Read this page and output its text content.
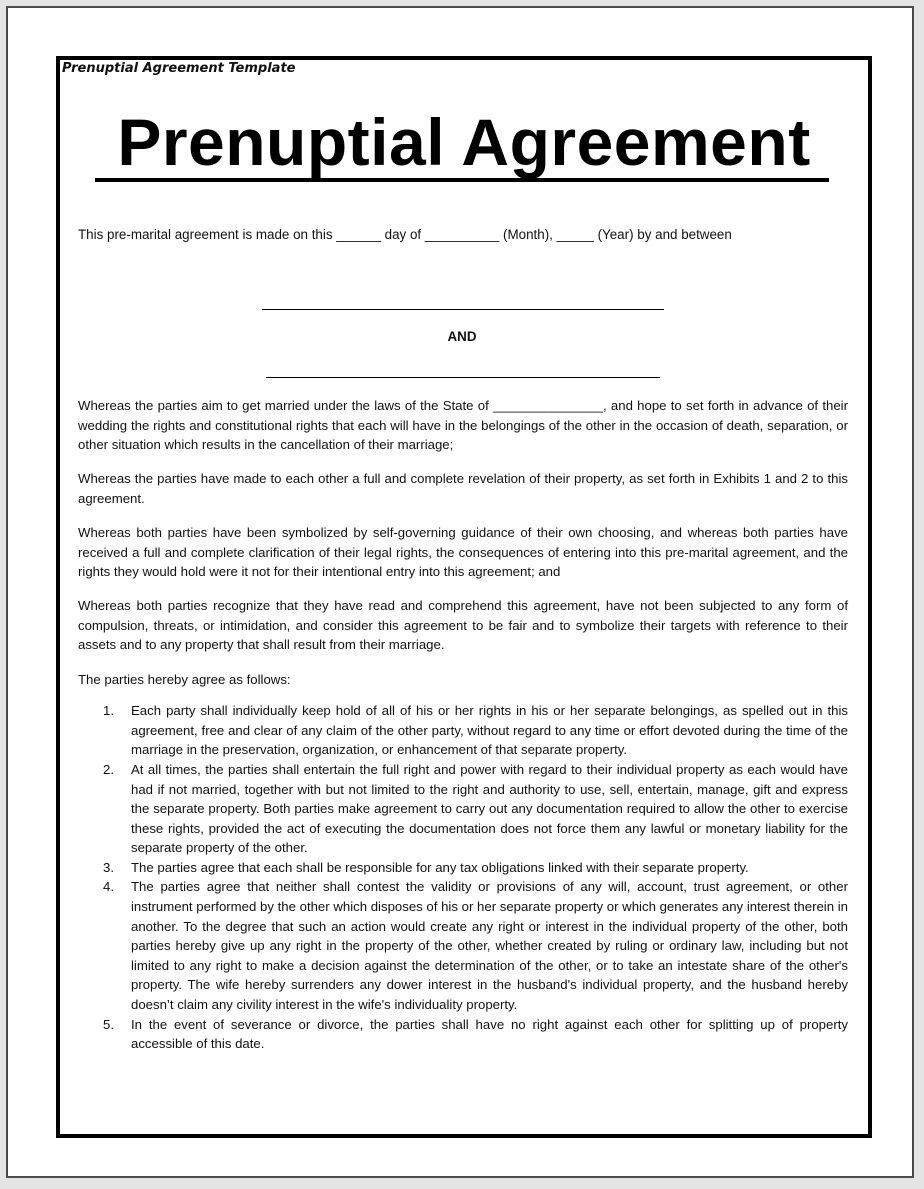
Prenuptial Agreement Template
Prenuptial Agreement
This pre-marital agreement is made on this ______ day of __________ (Month), _____ (Year) by and between
AND

Whereas the parties aim to get married under the laws of the State of _______________, and hope to set forth in advance of their wedding the rights and constitutional rights that each will have in the belongings of the other in the occasion of death, separation, or other situation which results in the cancellation of their marriage;

Whereas the parties have made to each other a full and complete revelation of their property, as set forth in Exhibits 1 and 2 to this agreement.

Whereas both parties have been symbolized by self-governing guidance of their own choosing, and whereas both parties have received a full and complete clarification of their legal rights, the consequences of entering into this pre-marital agreement, and the rights they would hold were it not for their intentional entry into this agreement; and

Whereas both parties recognize that they have read and comprehend this agreement, have not been subjected to any form of compulsion, threats, or intimidation, and consider this agreement to be fair and to symbolize their targets with reference to their assets and to any property that shall result from their marriage.

The parties hereby agree as follows:

1. Each party shall individually keep hold of all of his or her rights in his or her separate belongings, as spelled out in this agreement, free and clear of any claim of the other party, without regard to any time or effort devoted during the time of the marriage in the preservation, organization, or enhancement of that separate property.
2. At all times, the parties shall entertain the full right and power with regard to their individual property as each would have had if not married, together with but not limited to the right and authority to use, sell, entertain, manage, gift and express the separate property. Both parties make agreement to carry out any documentation required to allow the other to exercise these rights, provided the act of executing the documentation does not force them any lawful or monetary liability for the separate property of the other.
3. The parties agree that each shall be responsible for any tax obligations linked with their separate property.
4. The parties agree that neither shall contest the validity or provisions of any will, account, trust agreement, or other instrument performed by the other which disposes of his or her separate property or which generates any interest therein in another. To the degree that such an action would create any right or interest in the individual property of the other, both parties hereby give up any right in the property of the other, whether created by ruling or ordinary law, including but not limited to any right to make a decision against the determination of the other, or to take an intestate share of the other's property. The wife hereby surrenders any dower interest in the husband's individual property, and the husband hereby doesn’t claim any civility interest in the wife's individuality property.
5. In the event of severance or divorce, the parties shall have no right against each other for splitting up of property accessible of this date.
